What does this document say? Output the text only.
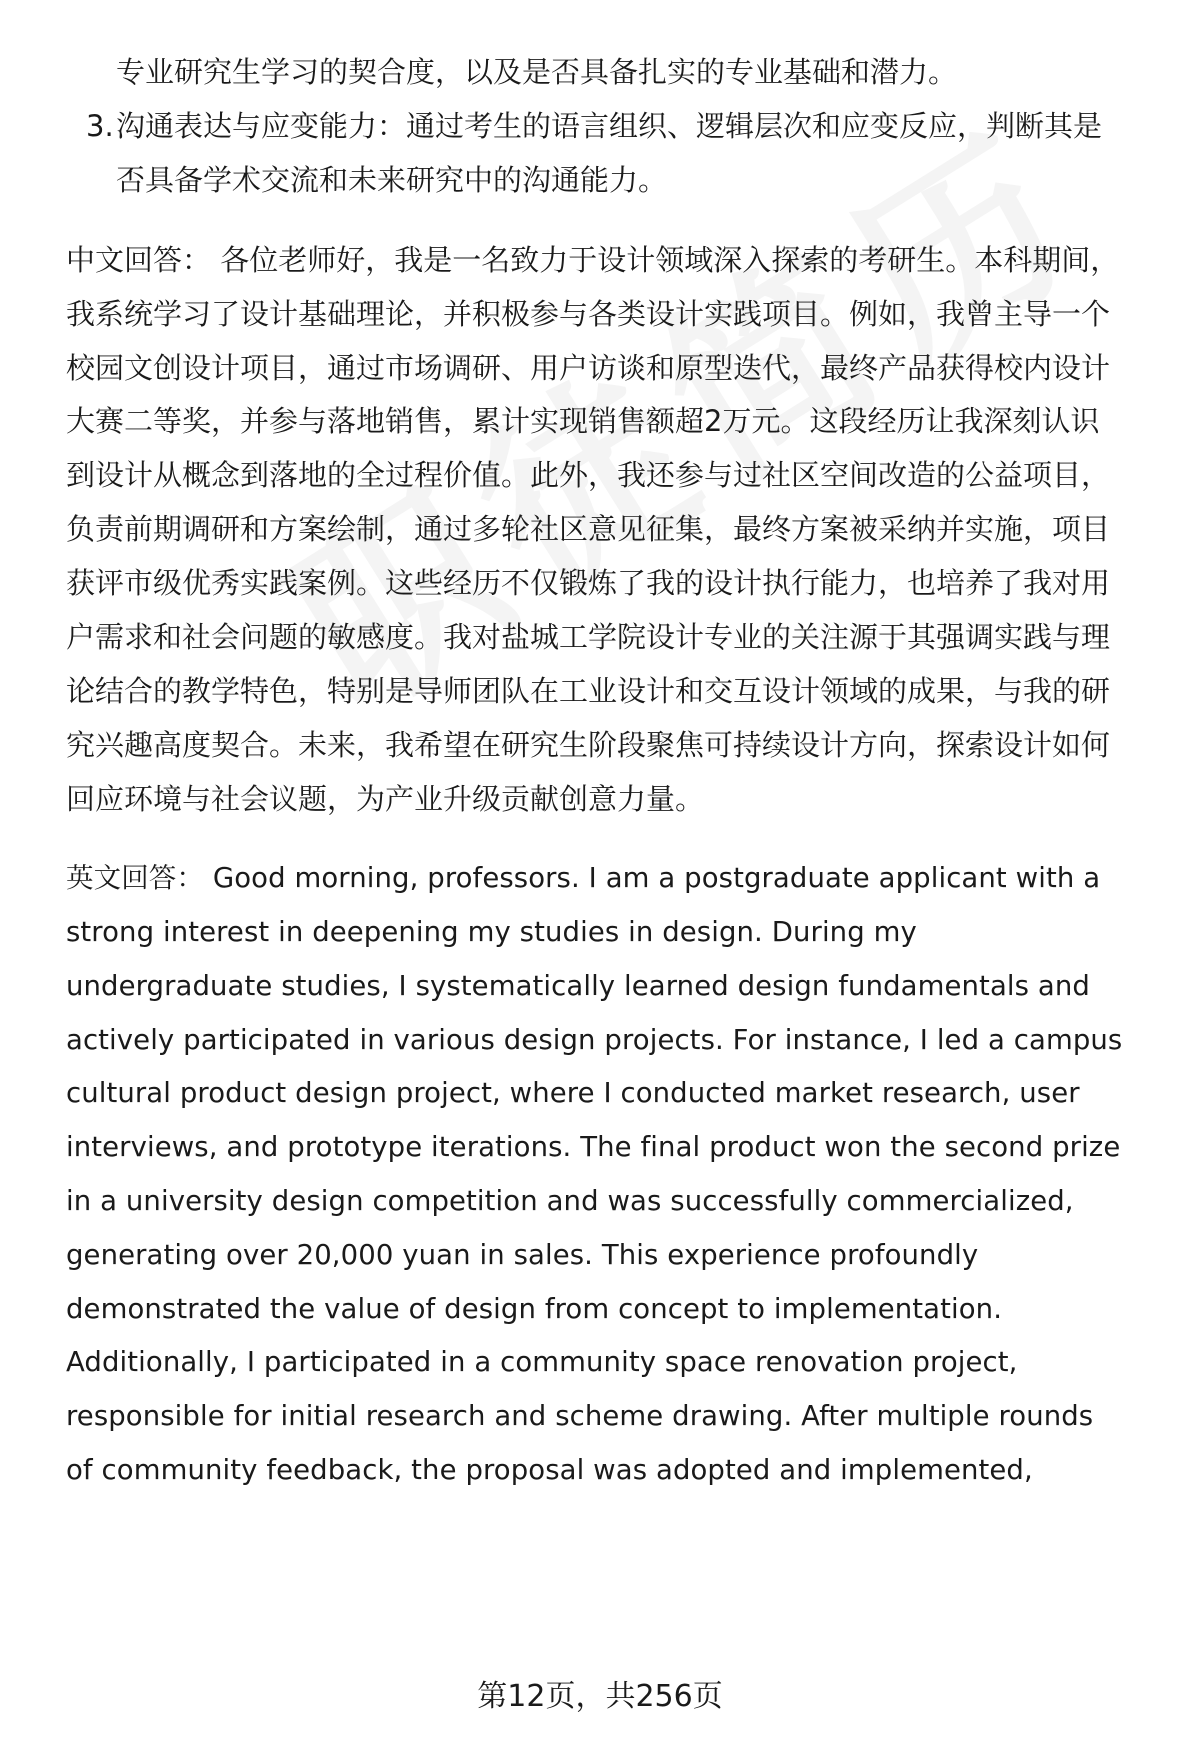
专业研究生学习的契合度，以及是否具备扎实的专业基础和潜力。
3. 沟通表达与应变能力：通过考生的语言组织、逻辑层次和应变反应，判断其是
否具备学术交流和未来研究中的沟通能力。
中文回答： 各位老师好，我是一名致力于设计领域深入探索的考研生。本科期间，
我系统学习了设计基础理论，并积极参与各类设计实践项目。例如，我曾主导一个
校园文创设计项目，通过市场调研、用户访谈和原型迭代，最终产品获得校内设计
大赛二等奖，并参与落地销售，累计实现销售额超2万元。这段经历让我深刻认识
到设计从概念到落地的全过程价值。此外，我还参与过社区空间改造的公益项目，
负责前期调研和方案绘制，通过多轮社区意见征集，最终方案被采纳并实施，项目
获评市级优秀实践案例。这些经历不仅锻炼了我的设计执行能力，也培养了我对用
户需求和社会问题的敏感度。我对盐城工学院设计专业的关注源于其强调实践与理
论结合的教学特色，特别是导师团队在工业设计和交互设计领域的成果，与我的研
究兴趣高度契合。未来，我希望在研究生阶段聚焦可持续设计方向，探索设计如何
回应环境与社会议题，为产业升级贡献创意力量。
英文回答： Good morning, professors. I am a postgraduate applicant with a
strong interest in deepening my studies in design. During my
undergraduate studies, I systematically learned design fundamentals and
actively participated in various design projects. For instance, I led a campus
cultural product design project, where I conducted market research, user
interviews, and prototype iterations. The final product won the second prize
in a university design competition and was successfully commercialized,
generating over 20,000 yuan in sales. This experience profoundly
demonstrated the value of design from concept to implementation.
Additionally, I participated in a community space renovation project,
responsible for initial research and scheme drawing. After multiple rounds
of community feedback, the proposal was adopted and implemented,
第12页，共256页
